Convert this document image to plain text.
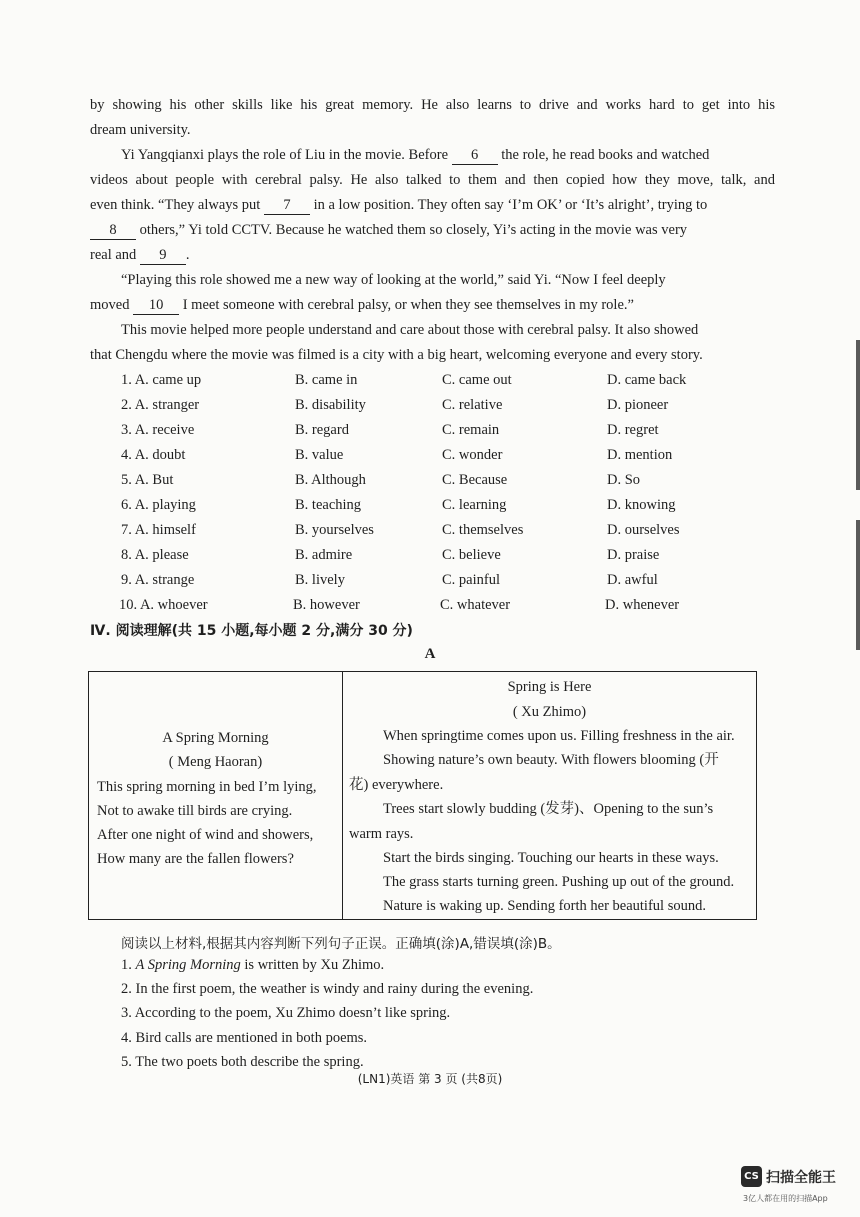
by showing his other skills like his great memory. He also learns to drive and works hard to get into his
dream university.
Yi Yangqianxi plays the role of Liu in the movie. Before 6 the role, he read books and watched
videos about people with cerebral palsy. He also talked to them and then copied how they move, talk, and
even think. “They always put 7 in a low position. They often say ‘I’m OK’ or ‘It’s alright’, trying to
8 others,” Yi told CCTV. Because he watched them so closely, Yi’s acting in the movie was very
real and 9 .
“Playing this role showed me a new way of looking at the world,” said Yi. “Now I feel deeply
moved 10 I meet someone with cerebral palsy, or when they see themselves in my role.”
This movie helped more people understand and care about those with cerebral palsy. It also showed
that Chengdu where the movie was filmed is a city with a big heart, welcoming everyone and every story.
1. A. came up	B. came in	C. came out	D. came back
2. A. stranger	B. disability	C. relative	D. pioneer
3. A. receive	B. regard	C. remain	D. regret
4. A. doubt	B. value	C. wonder	D. mention
5. A. But	B. Although	C. Because	D. So
6. A. playing	B. teaching	C. learning	D. knowing
7. A. himself	B. yourselves	C. themselves	D. ourselves
8. A. please	B. admire	C. believe	D. praise
9. A. strange	B. lively	C. painful	D. awful
10. A. whoever	B. however	C. whatever	D. whenever
Ⅳ. 阅读理解(共 15 小题,每小题 2 分,满分 30 分)
A
A Spring Morning
( Meng Haoran)
This spring morning in bed I’m lying,
Not to awake till birds are crying.
After one night of wind and showers,
How many are the fallen flowers?
Spring is Here
( Xu Zhimo)
When springtime comes upon us. Filling freshness in the air.
Showing nature’s own beauty. With flowers blooming (开
花) everywhere.
Trees start slowly budding (发芽)、Opening to the sun’s
warm rays.
Start the birds singing. Touching our hearts in these ways.
The grass starts turning green. Pushing up out of the ground.
Nature is waking up. Sending forth her beautiful sound.
阅读以上材料,根据其内容判断下列句子正误。正确填(涂)A,错误填(涂)B。
1. A Spring Morning is written by Xu Zhimo.
2. In the first poem, the weather is windy and rainy during the evening.
3. According to the poem, Xu Zhimo doesn’t like spring.
4. Bird calls are mentioned in both poems.
5. The two poets both describe the spring.
(LN1)英语 第 3 页 (共8页)
CS 扫描全能王
3亿人都在用的扫描App
